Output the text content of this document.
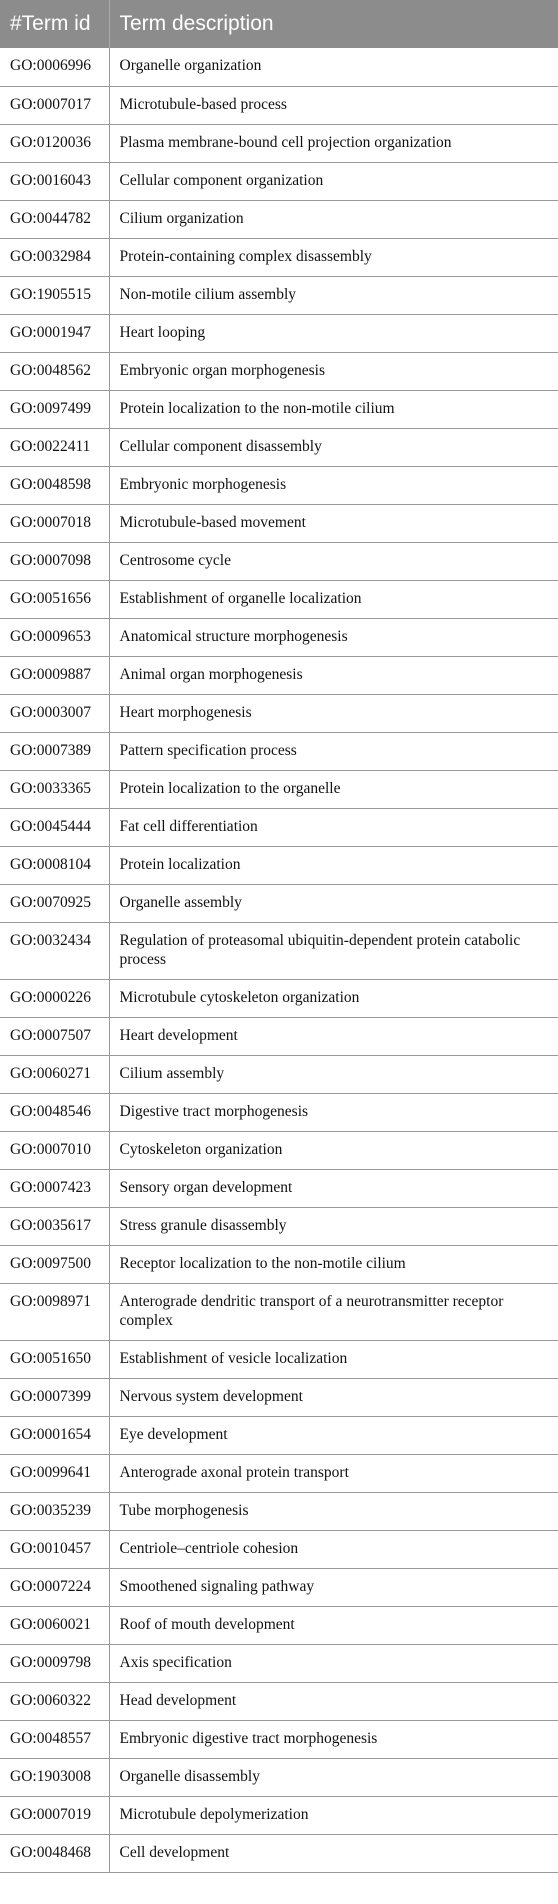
#Term id	Term description
GO:0006996	Organelle organization
GO:0007017	Microtubule-based process
GO:0120036	Plasma membrane-bound cell projection organization
GO:0016043	Cellular component organization
GO:0044782	Cilium organization
GO:0032984	Protein-containing complex disassembly
GO:1905515	Non-motile cilium assembly
GO:0001947	Heart looping
GO:0048562	Embryonic organ morphogenesis
GO:0097499	Protein localization to the non-motile cilium
GO:0022411	Cellular component disassembly
GO:0048598	Embryonic morphogenesis
GO:0007018	Microtubule-based movement
GO:0007098	Centrosome cycle
GO:0051656	Establishment of organelle localization
GO:0009653	Anatomical structure morphogenesis
GO:0009887	Animal organ morphogenesis
GO:0003007	Heart morphogenesis
GO:0007389	Pattern specification process
GO:0033365	Protein localization to the organelle
GO:0045444	Fat cell differentiation
GO:0008104	Protein localization
GO:0070925	Organelle assembly
GO:0032434	Regulation of proteasomal ubiquitin-dependent protein catabolic process
GO:0000226	Microtubule cytoskeleton organization
GO:0007507	Heart development
GO:0060271	Cilium assembly
GO:0048546	Digestive tract morphogenesis
GO:0007010	Cytoskeleton organization
GO:0007423	Sensory organ development
GO:0035617	Stress granule disassembly
GO:0097500	Receptor localization to the non-motile cilium
GO:0098971	Anterograde dendritic transport of a neurotransmitter receptor complex
GO:0051650	Establishment of vesicle localization
GO:0007399	Nervous system development
GO:0001654	Eye development
GO:0099641	Anterograde axonal protein transport
GO:0035239	Tube morphogenesis
GO:0010457	Centriole–centriole cohesion
GO:0007224	Smoothened signaling pathway
GO:0060021	Roof of mouth development
GO:0009798	Axis specification
GO:0060322	Head development
GO:0048557	Embryonic digestive tract morphogenesis
GO:1903008	Organelle disassembly
GO:0007019	Microtubule depolymerization
GO:0048468	Cell development
